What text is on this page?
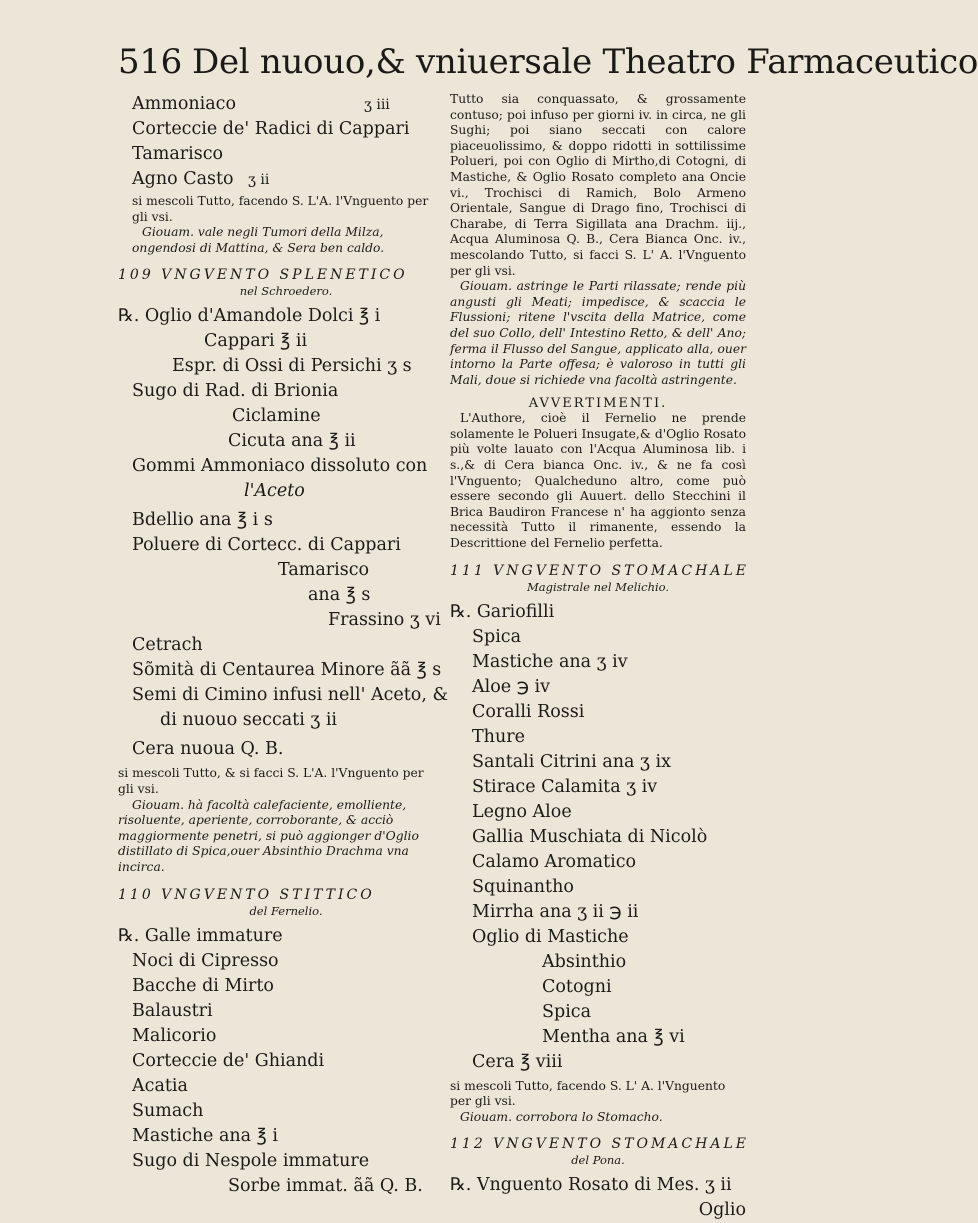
516 Del nuouo,& vniuersale Theatro Farmaceutico
Ammoniaco	ʒ iii
Corteccie de' Radici di Cappari
Tamarisco
Agno Casto ʒ ii
si mescoli Tutto, facendo S. L'A. l'Vnguento per gli vsi.
Giouam. vale negli Tumori della Milza, ongendosi di Mattina, & Sera ben caldo.
109 VNGVENTO SPLENETICO
nel Schroedero.
℞. Oglio d'Amandole Dolci ℥ i
Cappari ℥ ii
Espr. di Ossi di Persichi ʒ s
Sugo di Rad. di Brionia
Ciclamine
Cicuta ana ℥ ii
Gommi Ammoniaco dissoluto con
l'Aceto
Bdellio ana ℥ i s
Poluere di Cortecc. di Cappari
Tamarisco
ana ℥ s
Frassino ʒ vi
Cetrach
Sõmità di Centaurea Minore ãã ℥ s
Semi di Cimino infusi nell' Aceto, &
di nuouo seccati ʒ ii
Cera nuoua Q. B.
si mescoli Tutto, & si facci S. L'A. l'Vnguento per gli vsi.
Giouam. hà facoltà calefaciente, emolliente, risoluente, aperiente, corroborante, & acciò maggiormente penetri, si può aggionger d'Oglio distillato di Spica,ouer Absinthio Drachma vna incirca.
110 VNGVENTO STITTICO
del Fernelio.
℞. Galle immature
Noci di Cipresso
Bacche di Mirto
Balaustri
Malicorio
Corteccie de' Ghiandi
Acatia
Sumach
Mastiche ana ℥ i
Sugo di Nespole immature
Sorbe immat. ãã Q. B.
Tutto sia conquassato, & grossamente contuso; poi infuso per giorni iv. in circa, ne gli Sughi; poi siano seccati con calore piaceuolissimo, & doppo ridotti in sottilissime Polueri, poi con Oglio di Mirtho,di Cotogni, di Mastiche, & Oglio Rosato completo ana Oncie vi., Trochisci di Ramich, Bolo Armeno Orientale, Sangue di Drago fino, Trochisci di Charabe, di Terra Sigillata ana Drachm. iij., Acqua Aluminosa Q. B., Cera Bianca Onc. iv., mescolando Tutto, si facci S. L' A. l'Vnguento per gli vsi.
Giouam. astringe le Parti rilassate; rende più angusti gli Meati; impedisce, & scaccia le Flussioni; ritene l'vscita della Matrice, come del suo Collo, dell' Intestino Retto, & dell' Ano; ferma il Flusso del Sangue, applicato alla, ouer intorno la Parte offesa; è valoroso in tutti gli Mali, doue si richiede vna facoltà astringente.
AVVERTIMENTI.
L'Authore, cioè il Fernelio ne prende solamente le Polueri Insugate,& d'Oglio Rosato più volte lauato con l'Acqua Aluminosa lib. i s.,& di Cera bianca Onc. iv., & ne fa così l'Vnguento; Qualcheduno altro, come può essere secondo gli Auuert. dello Stecchini il Brica Baudiron Francese n' ha aggionto senza necessità Tutto il rimanente, essendo la Descrittione del Fernelio perfetta.
111 VNGVENTO STOMACHALE
Magistrale nel Melichio.
℞. Gariofilli
Spica
Mastiche ana ʒ iv
Aloe ℈ iv
Coralli Rossi
Thure
Santali Citrini ana ʒ ix
Stirace Calamita ʒ iv
Legno Aloe
Gallia Muschiata di Nicolò
Calamo Aromatico
Squinantho
Mirrha ana ʒ ii ℈ ii
Oglio di Mastiche
Absinthio
Cotogni
Spica
Mentha ana ℥ vi
Cera ℥ viii
si mescoli Tutto, facendo S. L' A. l'Vnguento per gli vsi.
Giouam. corrobora lo Stomacho.
112 VNGVENTO STOMACHALE
del Pona.
℞. Vnguento Rosato di Mes. ʒ ii
Oglio
